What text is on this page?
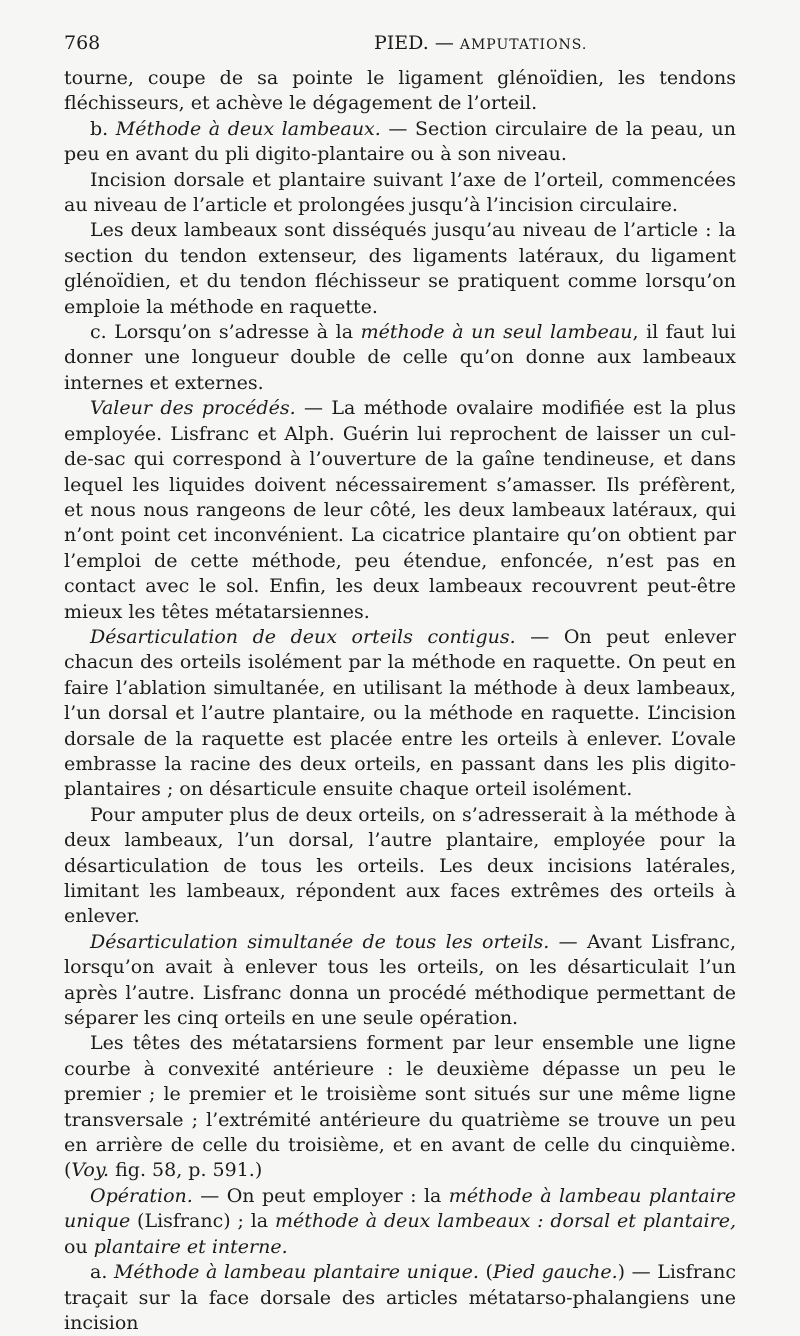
768	PIED. — AMPUTATIONS.

tourne, coupe de sa pointe le ligament glénoïdien, les tendons fléchisseurs, et achève le dégagement de l’orteil.

b. Méthode à deux lambeaux. — Section circulaire de la peau, un peu en avant du pli digito-plantaire ou à son niveau.

Incision dorsale et plantaire suivant l’axe de l’orteil, commencées au niveau de l’article et prolongées jusqu’à l’incision circulaire.

Les deux lambeaux sont disséqués jusqu’au niveau de l’article : la section du tendon extenseur, des ligaments latéraux, du ligament glénoïdien, et du tendon fléchisseur se pratiquent comme lorsqu’on emploie la méthode en raquette.

c. Lorsqu’on s’adresse à la méthode à un seul lambeau, il faut lui donner une longueur double de celle qu’on donne aux lambeaux internes et externes.

Valeur des procédés. — La méthode ovalaire modifiée est la plus employée. Lisfranc et Alph. Guérin lui reprochent de laisser un cul-de-sac qui correspond à l’ouverture de la gaîne tendineuse, et dans lequel les liquides doivent nécessairement s’amasser. Ils préfèrent, et nous nous rangeons de leur côté, les deux lambeaux latéraux, qui n’ont point cet inconvénient. La cicatrice plantaire qu’on obtient par l’emploi de cette méthode, peu étendue, enfoncée, n’est pas en contact avec le sol. Enfin, les deux lambeaux recouvrent peut-être mieux les têtes métatarsiennes.

Désarticulation de deux orteils contigus. — On peut enlever chacun des orteils isolément par la méthode en raquette. On peut en faire l’ablation simultanée, en utilisant la méthode à deux lambeaux, l’un dorsal et l’autre plantaire, ou la méthode en raquette. L’incision dorsale de la raquette est placée entre les orteils à enlever. L’ovale embrasse la racine des deux orteils, en passant dans les plis digito-plantaires ; on désarticule ensuite chaque orteil isolément.

Pour amputer plus de deux orteils, on s’adresserait à la méthode à deux lambeaux, l’un dorsal, l’autre plantaire, employée pour la désarticulation de tous les orteils. Les deux incisions latérales, limitant les lambeaux, répondent aux faces extrêmes des orteils à enlever.

Désarticulation simultanée de tous les orteils. — Avant Lisfranc, lorsqu’on avait à enlever tous les orteils, on les désarticulait l’un après l’autre. Lisfranc donna un procédé méthodique permettant de séparer les cinq orteils en une seule opération.

Les têtes des métatarsiens forment par leur ensemble une ligne courbe à convexité antérieure : le deuxième dépasse un peu le premier ; le premier et le troisième sont situés sur une même ligne transversale ; l’extrémité antérieure du quatrième se trouve un peu en arrière de celle du troisième, et en avant de celle du cinquième. (Voy. fig. 58, p. 591.)

Opération. — On peut employer : la méthode à lambeau plantaire unique (Lisfranc) ; la méthode à deux lambeaux : dorsal et plantaire, ou plantaire et interne.

a. Méthode à lambeau plantaire unique. (Pied gauche.) — Lisfranc traçait sur la face dorsale des articles métatarso-phalangiens une incision
